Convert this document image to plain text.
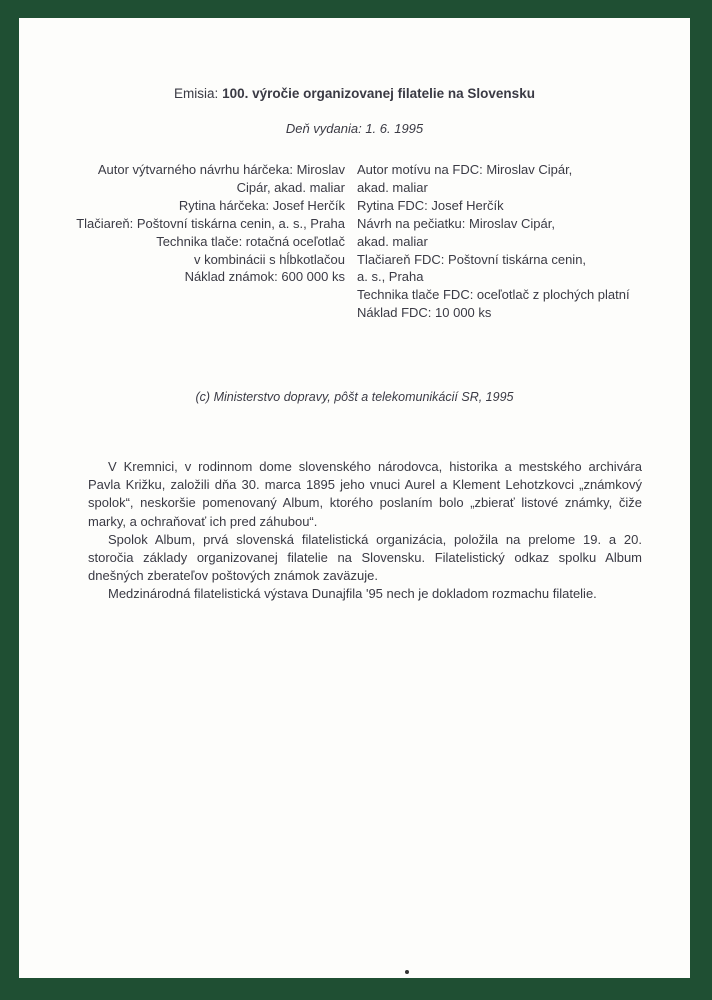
Emisia: 100. výročie organizovanej filatelie na Slovensku
Deň vydania: 1. 6. 1995
Autor výtvarného návrhu hárčeka: Miroslav
Cipár, akad. maliar
Rytina hárčeka: Josef Herčík
Tlačiareň: Poštovní tiskárna cenin, a. s., Praha
Technika tlače: rotačná oceľotlač
v kombinácii s hĺbkotlačou
Náklad známok: 600 000 ks
Autor motívu na FDC: Miroslav Cipár,
akad. maliar
Rytina FDC: Josef Herčík
Návrh na pečiatku: Miroslav Cipár,
akad. maliar
Tlačiareň FDC: Poštovní tiskárna cenin,
a. s., Praha
Technika tlače FDC: oceľotlač z plochých platní
Náklad FDC: 10 000 ks
(c) Ministerstvo dopravy, pôšt a telekomunikácií SR, 1995

V Kremnici, v rodinnom dome slovenského národovca, historika a mestského archivára Pavla Križku, založili dňa 30. marca 1895 jeho vnuci Aurel a Klement Lehotzkovci „známkový spolok“, neskoršie pomenovaný Album, ktorého poslaním bolo „zbierať listové známky, čiže marky, a ochraňovať ich pred záhubou“.

Spolok Album, prvá slovenská filatelistická organizácia, položila na prelome 19. a 20. storočia základy organizovanej filatelie na Slovensku. Filatelistický odkaz spolku Album dnešných zberateľov poštových známok zaväzuje.

Medzinárodná filatelistická výstava Dunajfila '95 nech je dokladom rozmachu filatelie.
